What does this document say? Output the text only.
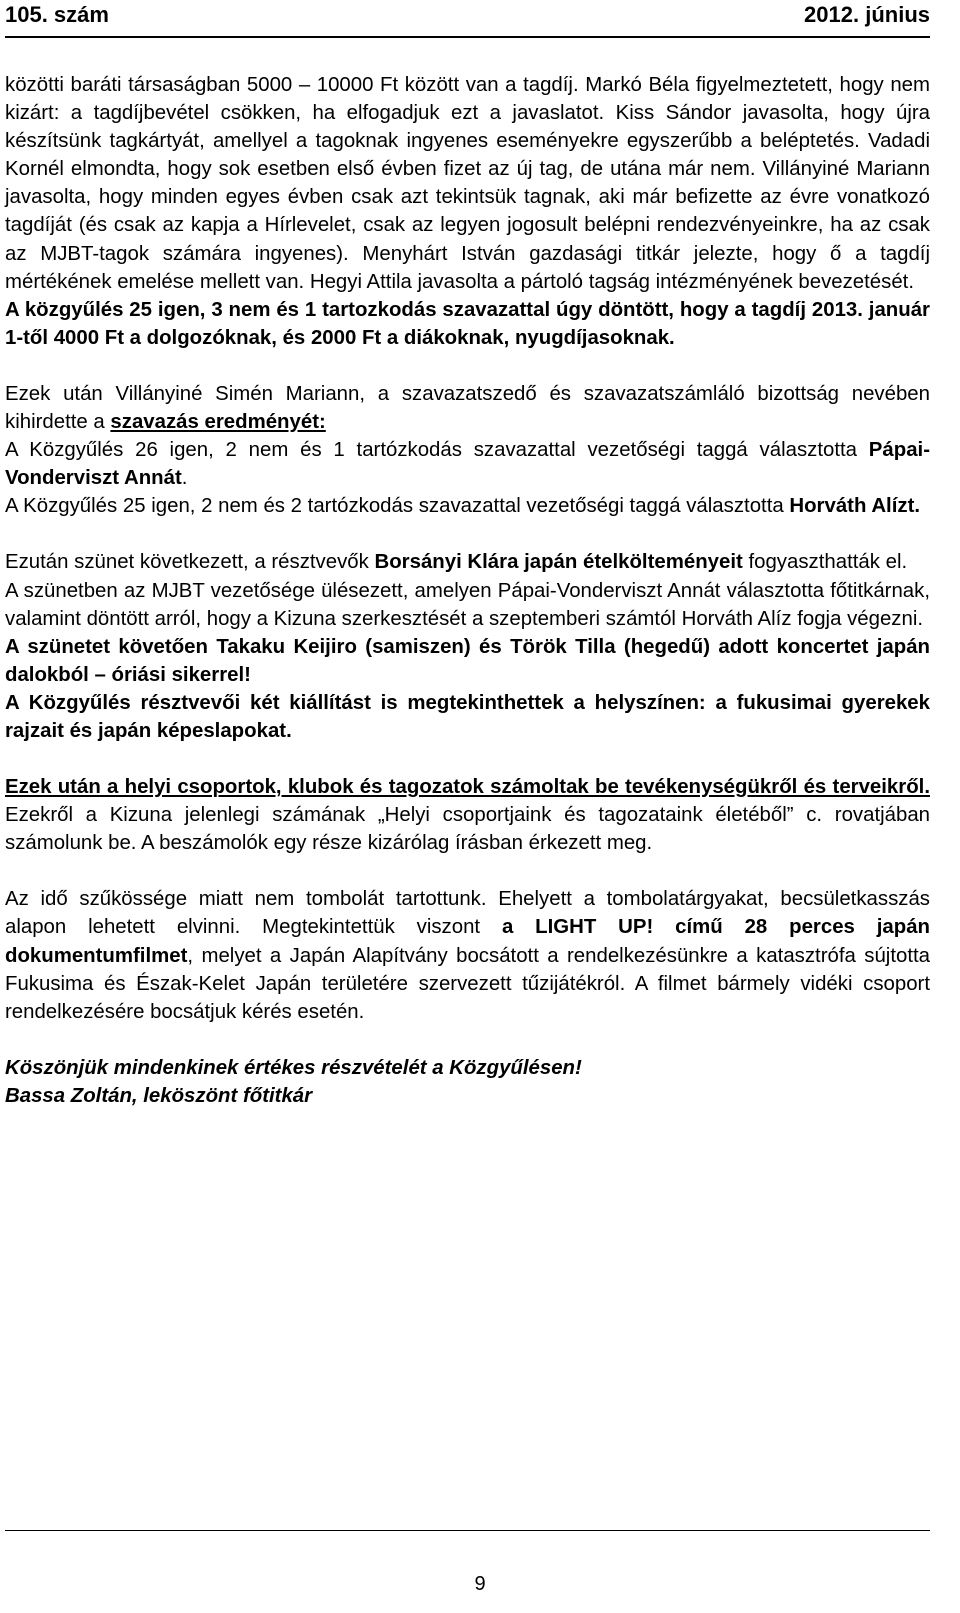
105. szám	2012. június

közötti baráti társaságban 5000 – 10000 Ft között van a tagdíj. Markó Béla figyelmeztetett, hogy nem kizárt: a tagdíjbevétel csökken, ha elfogadjuk ezt a javaslatot. Kiss Sándor javasolta, hogy újra készítsünk tagkártyát, amellyel a tagoknak ingyenes eseményekre egyszerűbb a beléptetés. Vadadi Kornél elmondta, hogy sok esetben első évben fizet az új tag, de utána már nem. Villányiné Mariann javasolta, hogy minden egyes évben csak azt tekintsük tagnak, aki már befizette az évre vonatkozó tagdíját (és csak az kapja a Hírlevelet, csak az legyen jogosult belépni rendezvényeinkre, ha az csak az MJBT-tagok számára ingyenes). Menyhárt István gazdasági titkár jelezte, hogy ő a tagdíj mértékének emelése mellett van. Hegyi Attila javasolta a pártoló tagság intézményének bevezetését.

A közgyűlés 25 igen, 3 nem és 1 tartozkodás szavazattal úgy döntött, hogy a tagdíj 2013. január 1-től 4000 Ft a dolgozóknak, és 2000 Ft a diákoknak, nyugdíjasoknak.

Ezek után Villányiné Simén Mariann, a szavazatszedő és szavazatszámláló bizottság nevében kihirdette a szavazás eredményét:

A Közgyűlés 26 igen, 2 nem és 1 tartózkodás szavazattal vezetőségi taggá választotta Pápai-Vonderviszt Annát.

A Közgyűlés 25 igen, 2 nem és 2 tartózkodás szavazattal vezetőségi taggá választotta Horváth Alízt.

Ezután szünet következett, a résztvevők Borsányi Klára japán ételkölteményeit fogyaszthatták el.

A szünetben az MJBT vezetősége ülésezett, amelyen Pápai-Vonderviszt Annát választotta főtitkárnak, valamint döntött arról, hogy a Kizuna szerkesztését a szeptemberi számtól Horváth Alíz fogja végezni.

A szünetet követően Takaku Keijiro (samiszen) és Török Tilla (hegedű) adott koncertet japán dalokból – óriási sikerrel!

A Közgyűlés résztvevői két kiállítást is megtekinthettek a helyszínen: a fukusimai gyerekek rajzait és japán képeslapokat.

Ezek után a helyi csoportok, klubok és tagozatok számoltak be tevékenységükről és terveikről. Ezekről a Kizuna jelenlegi számának „Helyi csoportjaink és tagozataink életéből” c. rovatjában számolunk be. A beszámolók egy része kizárólag írásban érkezett meg.

Az idő szűkössége miatt nem tombolát tartottunk. Ehelyett a tombolatárgyakat, becsületkasszás alapon lehetett elvinni. Megtekintettük viszont a LIGHT UP! című 28 perces japán dokumentumfilmet, melyet a Japán Alapítvány bocsátott a rendelkezésünkre a katasztrófa sújtotta Fukusima és Észak-Kelet Japán területére szervezett tűzijátékról. A filmet bármely vidéki csoport rendelkezésére bocsátjuk kérés esetén.

Köszönjük mindenkinek értékes részvételét a Közgyűlésen!

Bassa Zoltán, leköszönt főtitkár

9
